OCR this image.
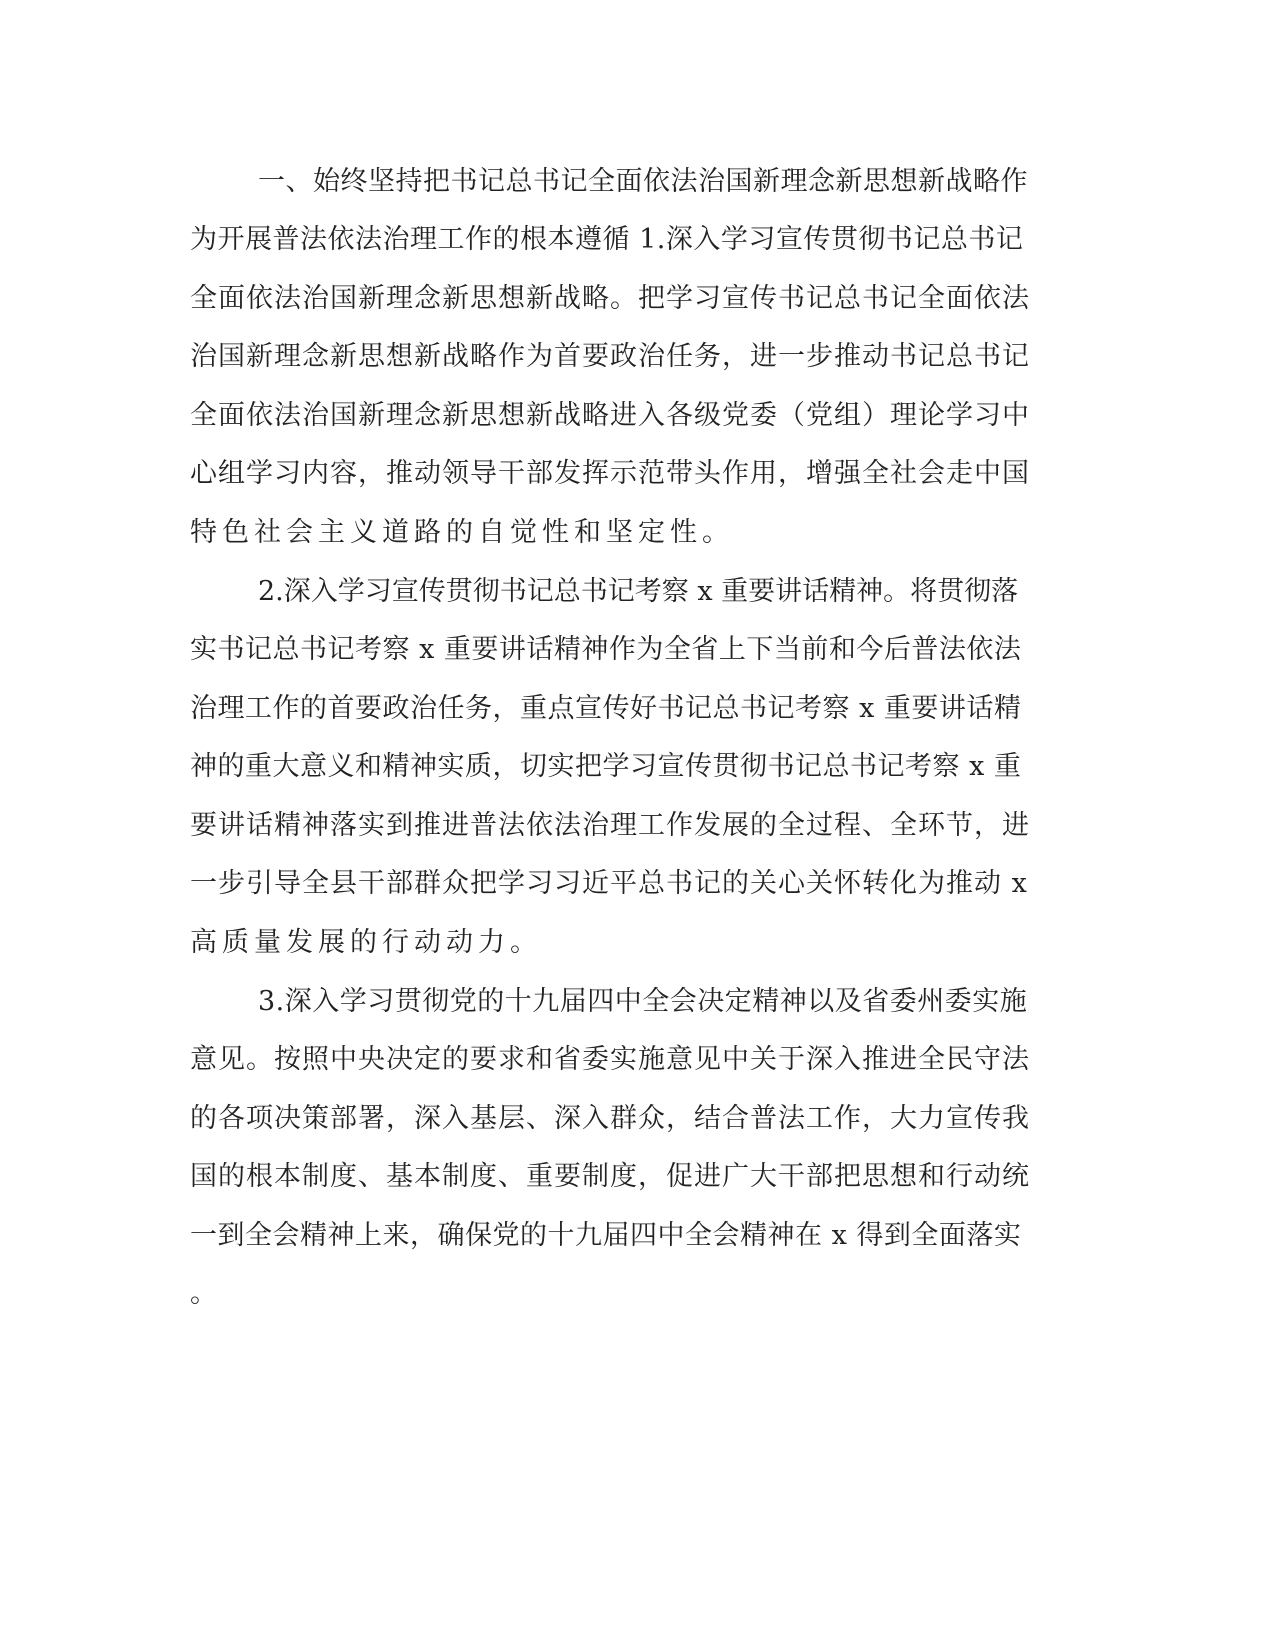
一、始终坚持把书记总书记全面依法治国新理念新思想新战略作
为开展普法依法治理工作的根本遵循 1.深入学习宣传贯彻书记总书记
全面依法治国新理念新思想新战略。把学习宣传书记总书记全面依法
治国新理念新思想新战略作为首要政治任务，进一步推动书记总书记
全面依法治国新理念新思想新战略进入各级党委（党组）理论学习中
心组学习内容，推动领导干部发挥示范带头作用，增强全社会走中国
特色社会主义道路的自觉性和坚定性。
2.深入学习宣传贯彻书记总书记考察 x 重要讲话精神。将贯彻落
实书记总书记考察 x 重要讲话精神作为全省上下当前和今后普法依法
治理工作的首要政治任务，重点宣传好书记总书记考察 x 重要讲话精
神的重大意义和精神实质，切实把学习宣传贯彻书记总书记考察 x 重
要讲话精神落实到推进普法依法治理工作发展的全过程、全环节，进
一步引导全县干部群众把学习习近平总书记的关心关怀转化为推动 x
高质量发展的行动动力。
3.深入学习贯彻党的十九届四中全会决定精神以及省委州委实施
意见。按照中央决定的要求和省委实施意见中关于深入推进全民守法
的各项决策部署，深入基层、深入群众，结合普法工作，大力宣传我
国的根本制度、基本制度、重要制度，促进广大干部把思想和行动统
一到全会精神上来，确保党的十九届四中全会精神在 x 得到全面落实
。
